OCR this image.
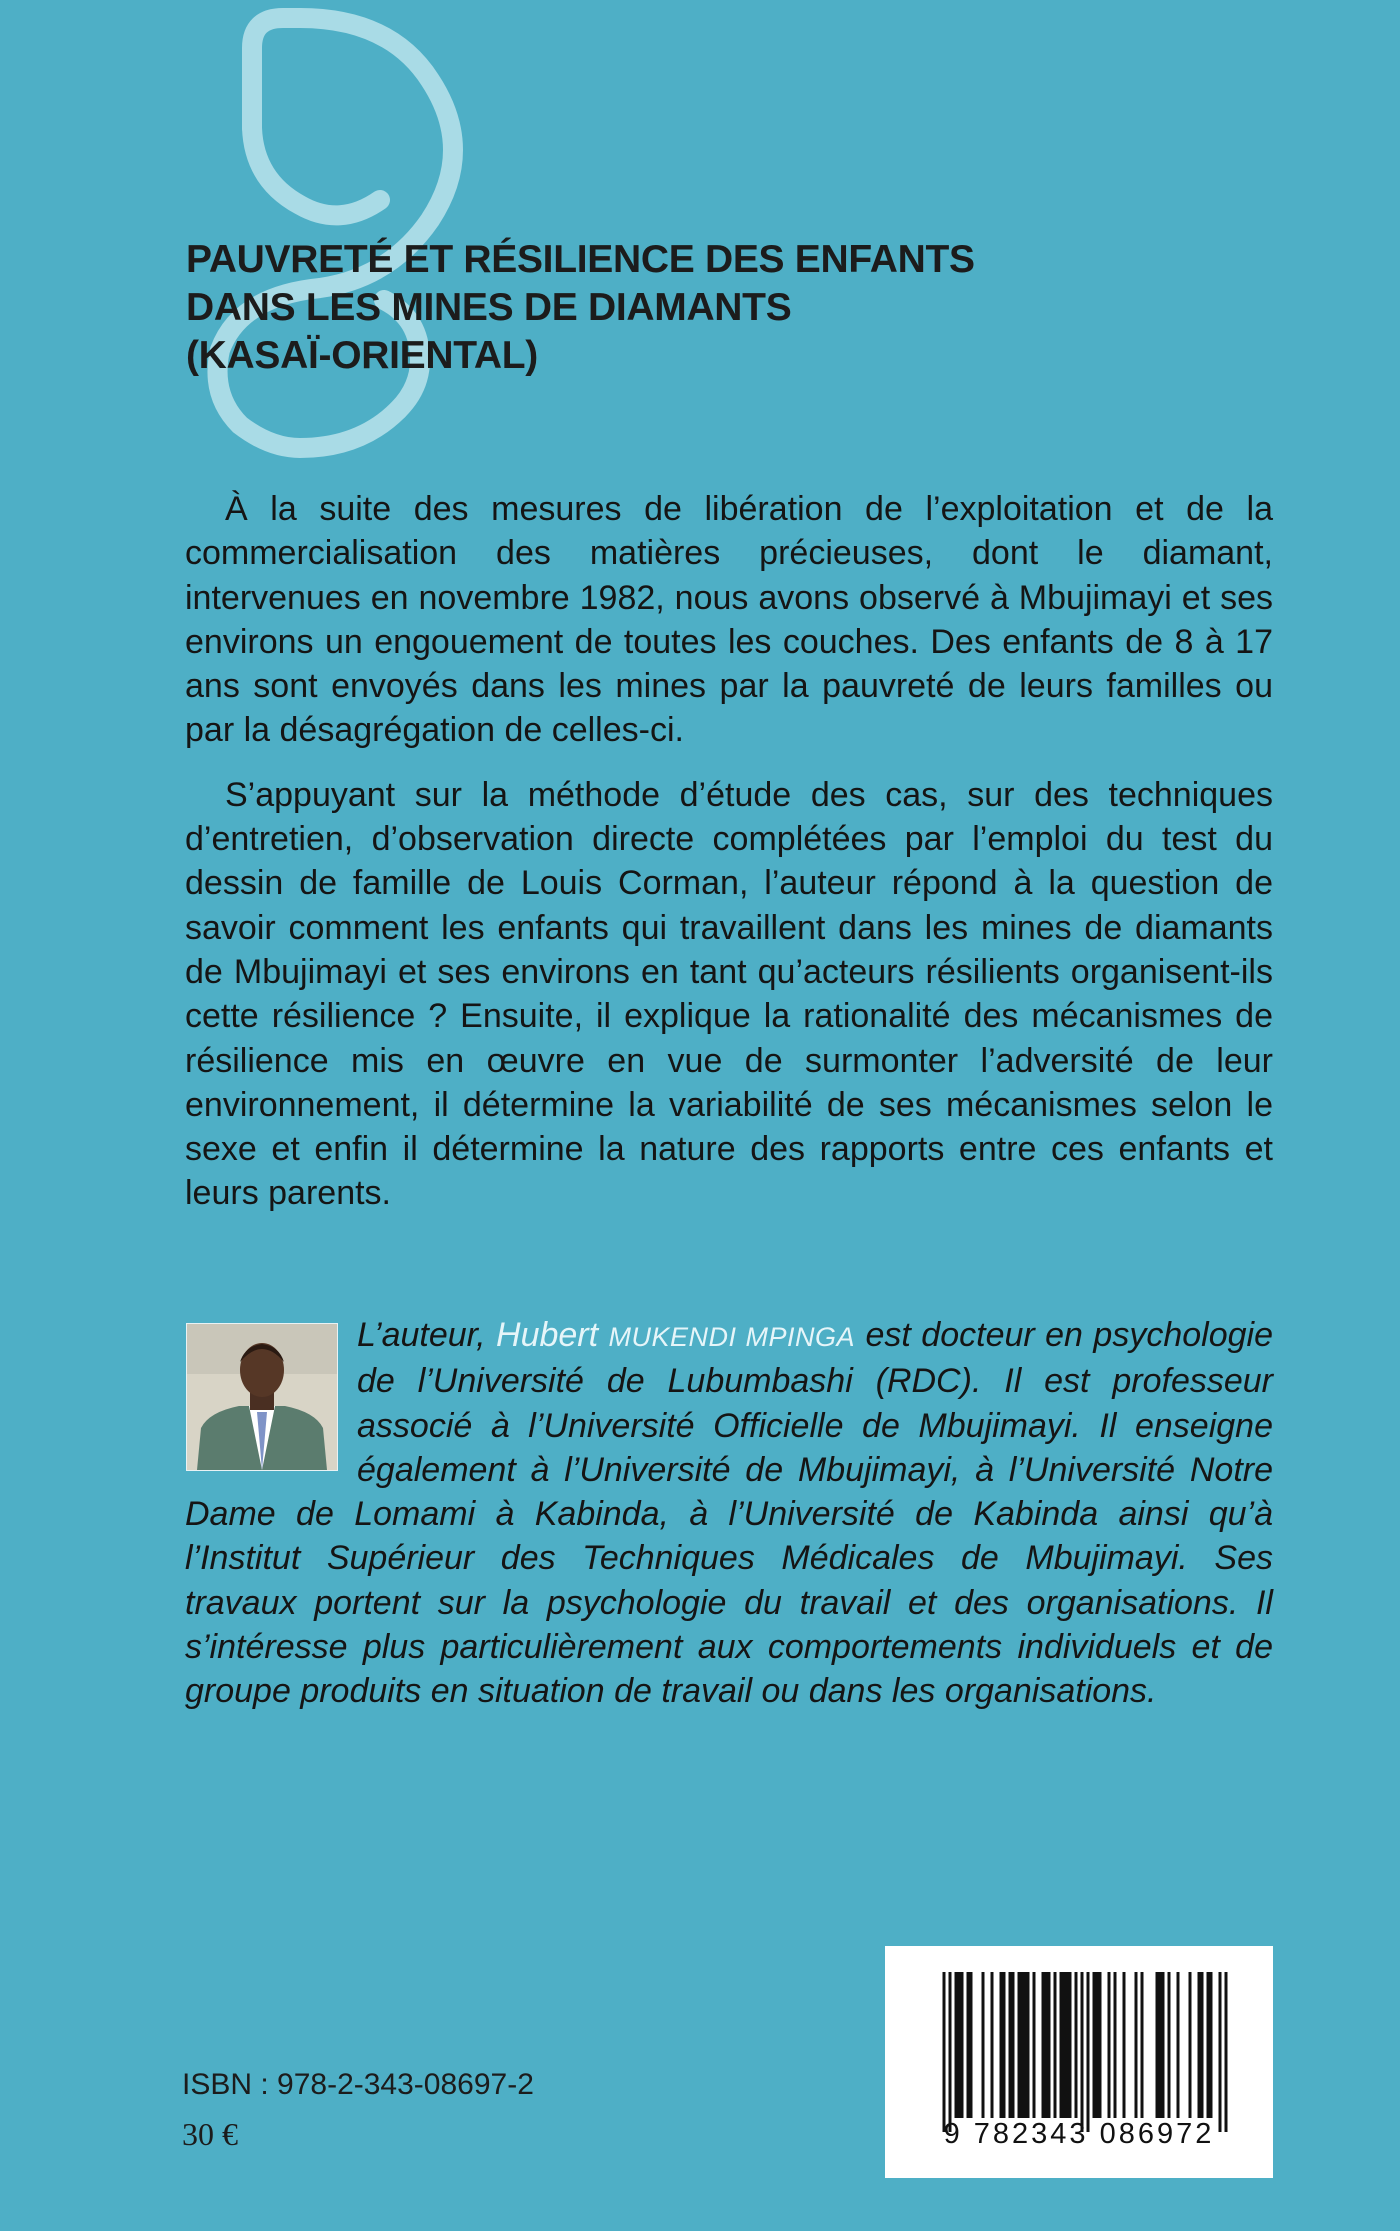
PAUVRETÉ ET RÉSILIENCE DES ENFANTS
DANS LES MINES DE DIAMANTS
(KASAÏ-ORIENTAL)

À la suite des mesures de libération de l’exploitation et de la commercialisation des matières précieuses, dont le diamant, intervenues en novembre 1982, nous avons observé à Mbujimayi et ses environs un engouement de toutes les couches. Des enfants de 8 à 17 ans sont envoyés dans les mines par la pauvreté de leurs familles ou par la désagrégation de celles-ci.

S’appuyant sur la méthode d’étude des cas, sur des techniques d’entretien, d’observation directe complétées par l’emploi du test du dessin de famille de Louis Corman, l’auteur répond à la question de savoir comment les enfants qui travaillent dans les mines de diamants de Mbujimayi et ses environs en tant qu’acteurs résilients organisent-ils cette résilience ? Ensuite, il explique la rationalité des mécanismes de résilience mis en œuvre en vue de surmonter l’adversité de leur environnement, il détermine la variabilité de ses mécanismes selon le sexe et enfin il détermine la nature des rapports entre ces enfants et leurs parents.

L’auteur, Hubert MUKENDI MPINGA est docteur en psychologie de l’Université de Lubumbashi (RDC). Il est professeur associé à l’Université Officielle de Mbujimayi. Il enseigne également à l’Université de Mbujimayi, à l’Université Notre Dame de Lomami à Kabinda, à l’Université de Kabinda ainsi qu’à l’Institut Supérieur des Techniques Médicales de Mbujimayi. Ses travaux portent sur la psychologie du travail et des organisations. Il s’intéresse plus particulièrement aux comportements individuels et de groupe produits en situation de travail ou dans les organisations.
ISBN : 978-2-343-08697-2
30 €	9 782343 086972
